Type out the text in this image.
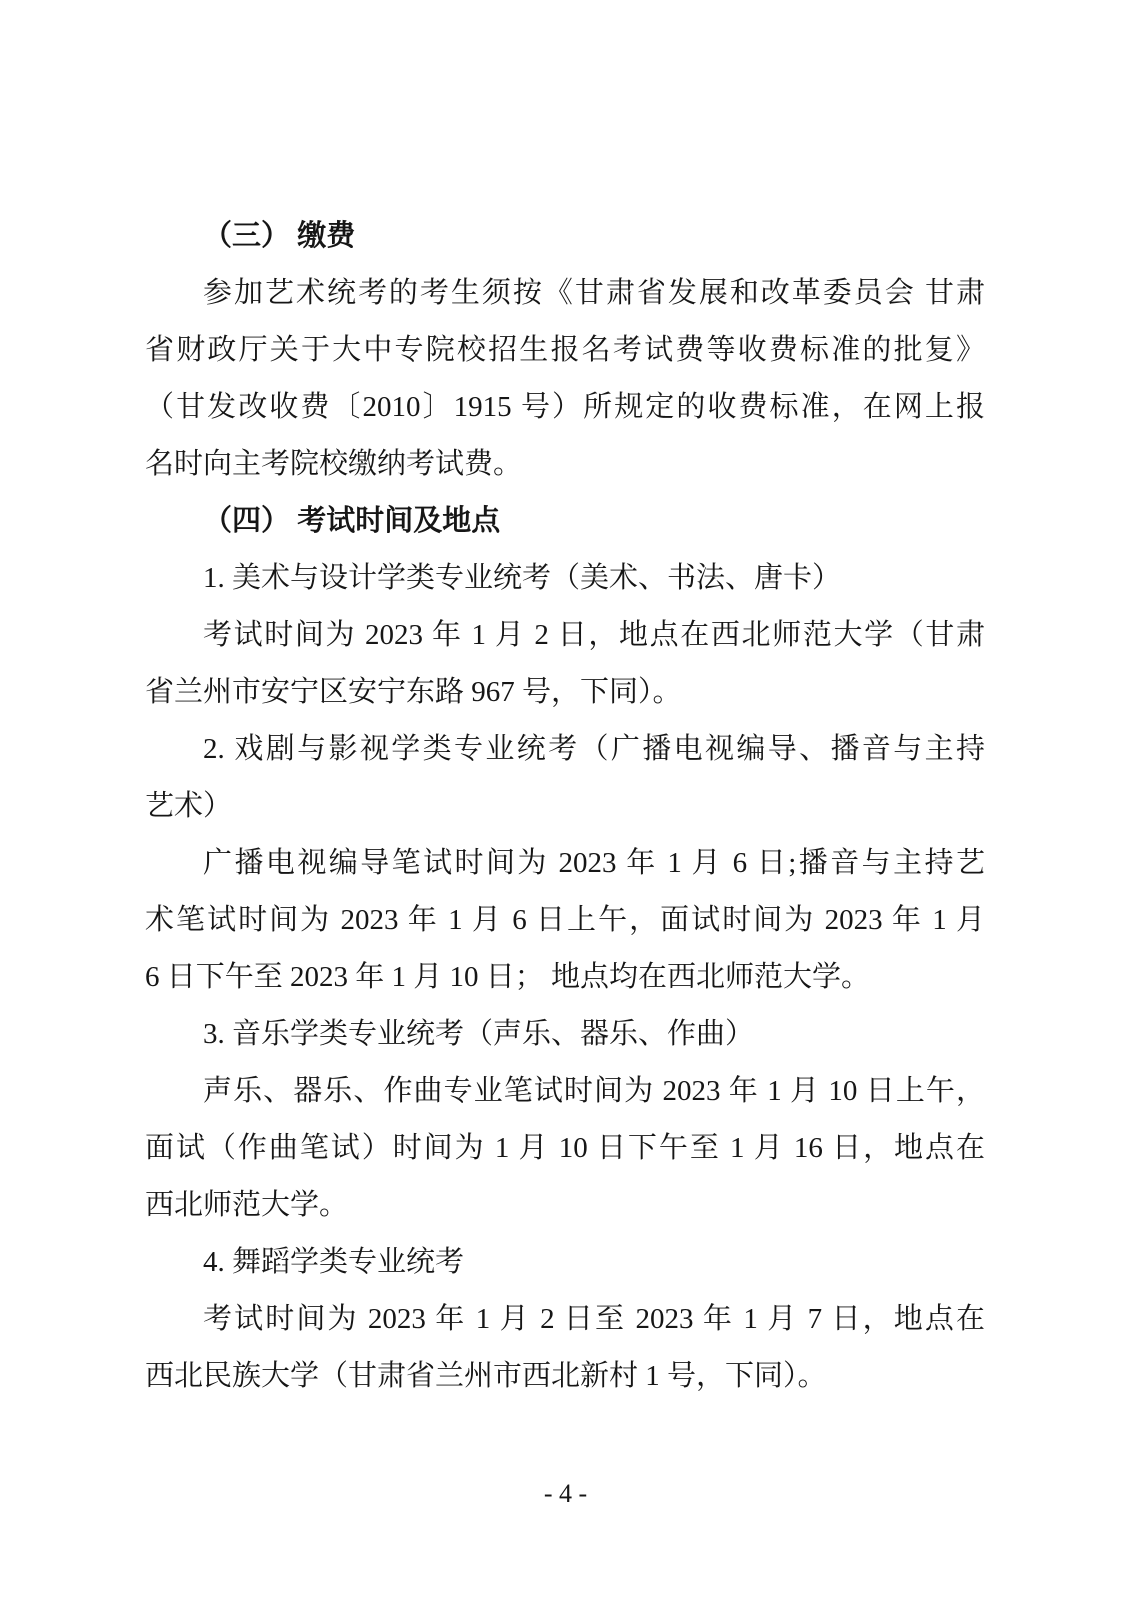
（三） 缴费
参加艺术统考的考生须按《甘肃省发展和改革委员会 甘肃
省财政厅关于大中专院校招生报名考试费等收费标准的批复》
（甘发改收费〔2010〕1915 号）所规定的收费标准，在网上报
名时向主考院校缴纳考试费。
（四） 考试时间及地点
1. 美术与设计学类专业统考（美术、书法、唐卡）
考试时间为 2023 年 1 月 2 日，地点在西北师范大学（甘肃
省兰州市安宁区安宁东路 967 号，下同）。
2. 戏剧与影视学类专业统考（广播电视编导、播音与主持
艺术）
广播电视编导笔试时间为 2023 年 1 月 6 日;播音与主持艺
术笔试时间为 2023 年 1 月 6 日上午，面试时间为 2023 年 1 月
6 日下午至 2023 年 1 月 10 日； 地点均在西北师范大学。
3. 音乐学类专业统考（声乐、器乐、作曲）
声乐、器乐、作曲专业笔试时间为 2023 年 1 月 10 日上午，
面试（作曲笔试）时间为 1 月 10 日下午至 1 月 16 日，地点在
西北师范大学。
4. 舞蹈学类专业统考
考试时间为 2023 年 1 月 2 日至 2023 年 1 月 7 日，地点在
西北民族大学（甘肃省兰州市西北新村 1 号，下同）。
- 4 -
